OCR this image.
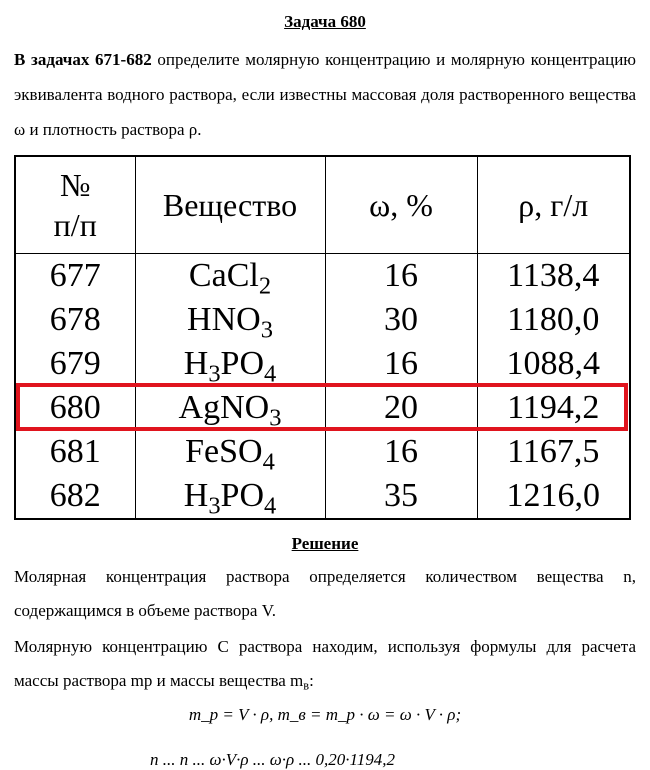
Задача 680
В задачах 671-682 определите молярную концентрацию и молярную концентрацию эквивалента водного раствора, если известны массовая доля растворенного вещества ω и плотность раствора ρ.
№
п/п	Вещество	ω, %	ρ, г/л
677	CaCl$_2$	16	1138,4
678	$HNO_3$	30	1180,0
679	$H_3PO_4$	16	1088,4
680	AgNO$_3$	20	1194,2
681	FeSO$_4$	16	1167,5
682	$H_3PO_4$	35	1216,0
Решение
Молярная концентрация раствора определяется количеством вещества n, содержащимся в объеме раствора V.
Молярную концентрацию С раствора находим, используя формулы для расчета массы раствора mр и массы вещества $m_в$:
m_р = V · ρ, m_в = m_р · ω = ω · V · ρ;
n ... n ... ω·V·ρ ... ω·ρ ... 0,20·1194,2
